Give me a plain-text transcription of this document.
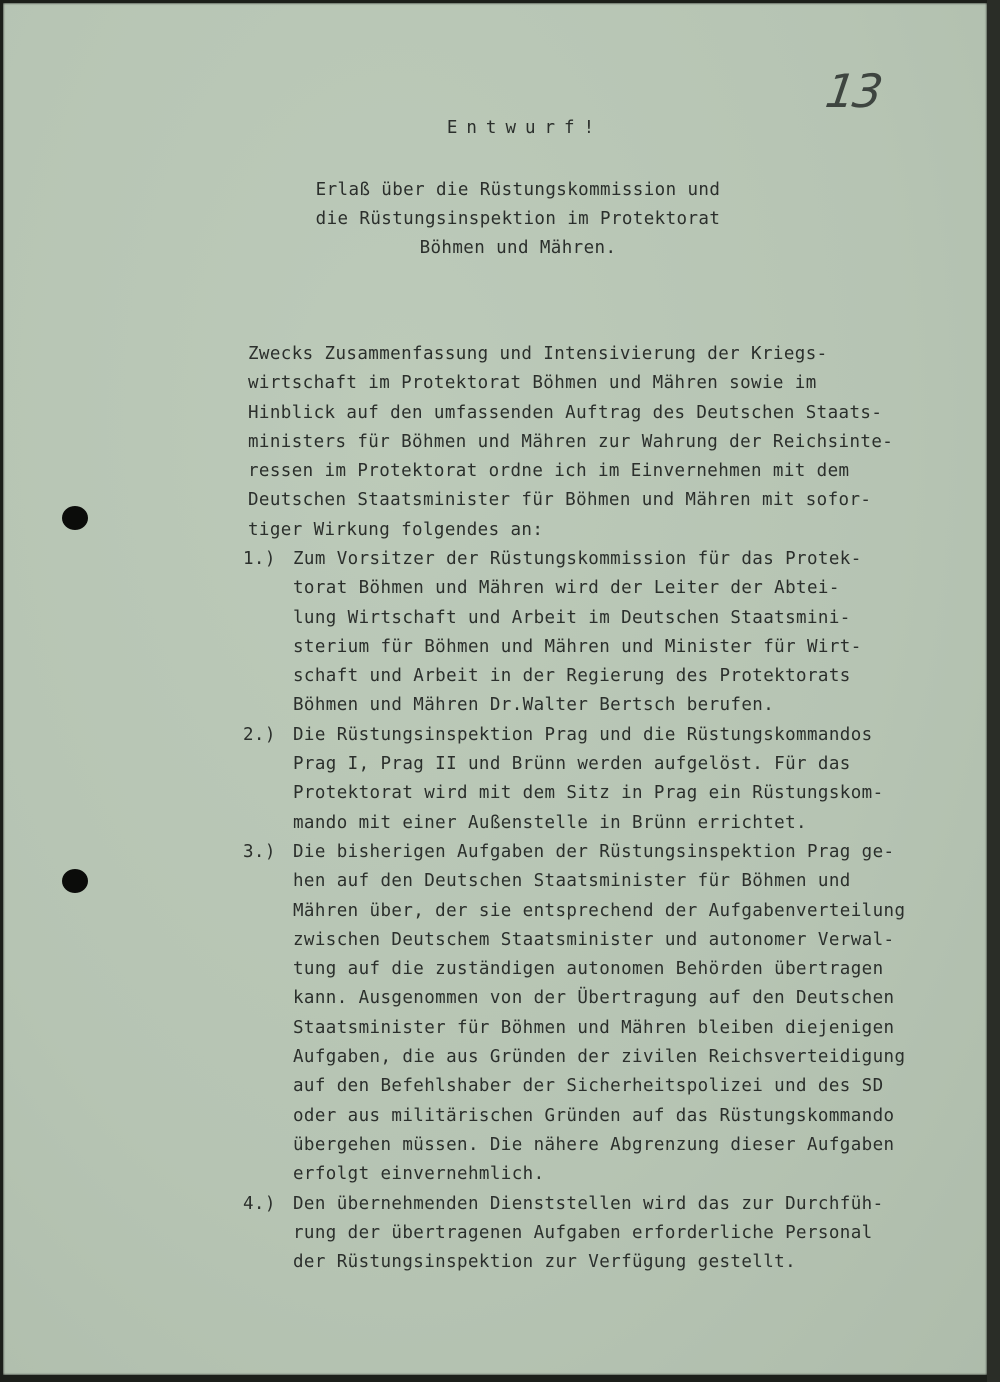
13
Entwurf!
Erlaß über die Rüstungskommission und
die Rüstungsinspektion im Protektorat
Böhmen und Mähren.
Zwecks Zusammenfassung und Intensivierung der Kriegs-
wirtschaft im Protektorat Böhmen und Mähren sowie im
Hinblick auf den umfassenden Auftrag des Deutschen Staats-
ministers für Böhmen und Mähren zur Wahrung der Reichsinte-
ressen im Protektorat ordne ich im Einvernehmen mit dem
Deutschen Staatsminister für Böhmen und Mähren mit sofor-
tiger Wirkung folgendes an:
1.) Zum Vorsitzer der Rüstungskommission für das Protek-
torat Böhmen und Mähren wird der Leiter der Abtei-
lung Wirtschaft und Arbeit im Deutschen Staatsmini-
sterium für Böhmen und Mähren und Minister für Wirt-
schaft und Arbeit in der Regierung des Protektorats
Böhmen und Mähren Dr.Walter Bertsch berufen.
2.) Die Rüstungsinspektion Prag und die Rüstungskommandos
Prag I, Prag II und Brünn werden aufgelöst. Für das
Protektorat wird mit dem Sitz in Prag ein Rüstungskom-
mando mit einer Außenstelle in Brünn errichtet.
3.) Die bisherigen Aufgaben der Rüstungsinspektion Prag ge-
hen auf den Deutschen Staatsminister für Böhmen und
Mähren über, der sie entsprechend der Aufgabenverteilung
zwischen Deutschem Staatsminister und autonomer Verwal-
tung auf die zuständigen autonomen Behörden übertragen
kann. Ausgenommen von der Übertragung auf den Deutschen
Staatsminister für Böhmen und Mähren bleiben diejenigen
Aufgaben, die aus Gründen der zivilen Reichsverteidigung
auf den Befehlshaber der Sicherheitspolizei und des SD
oder aus militärischen Gründen auf das Rüstungskommando
übergehen müssen. Die nähere Abgrenzung dieser Aufgaben
erfolgt einvernehmlich.
4.) Den übernehmenden Dienststellen wird das zur Durchfüh-
rung der übertragenen Aufgaben erforderliche Personal
der Rüstungsinspektion zur Verfügung gestellt.
